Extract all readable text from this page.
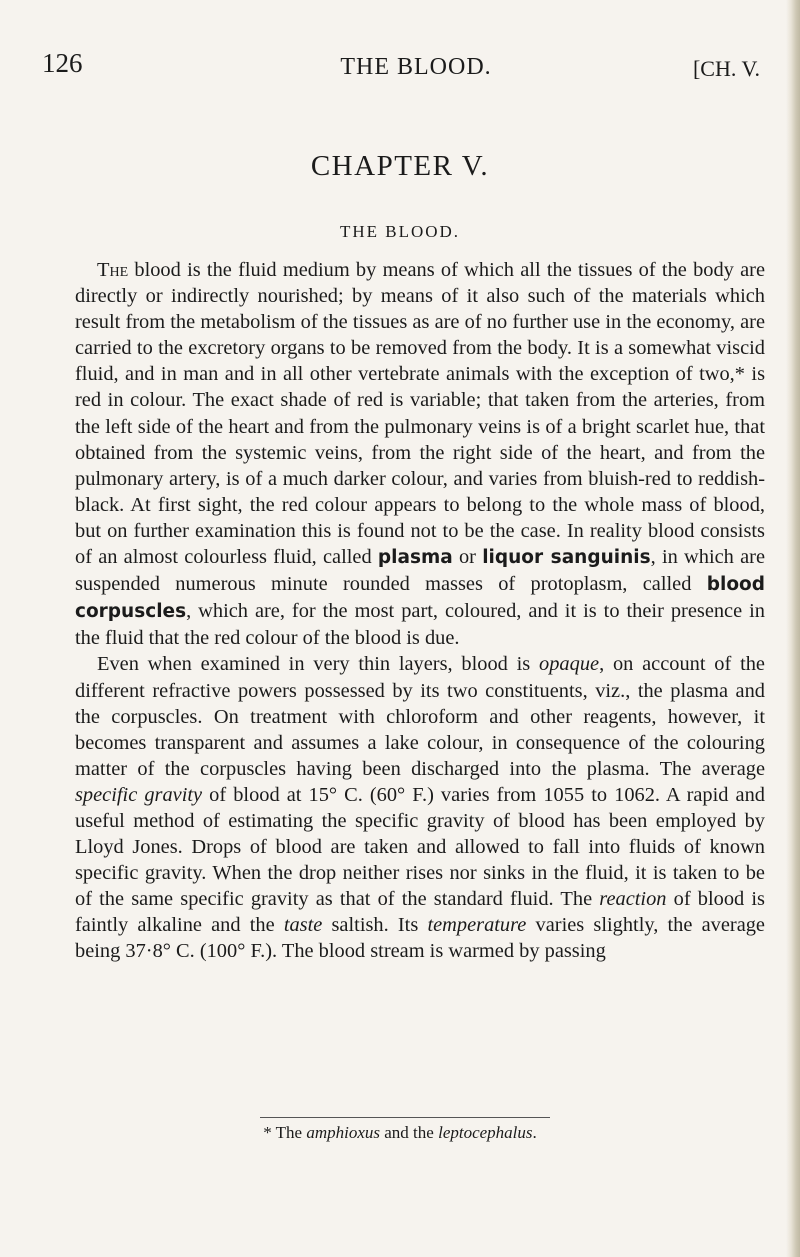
126	THE BLOOD.	[CH. V.
CHAPTER V.
THE BLOOD.

The blood is the fluid medium by means of which all the tissues of the body are directly or indirectly nourished; by means of it also such of the materials which result from the metabolism of the tissues as are of no further use in the economy, are carried to the excretory organs to be removed from the body. It is a somewhat viscid fluid, and in man and in all other vertebrate animals with the exception of two,* is red in colour. The exact shade of red is variable; that taken from the arteries, from the left side of the heart and from the pulmonary veins is of a bright scarlet hue, that obtained from the systemic veins, from the right side of the heart, and from the pulmonary artery, is of a much darker colour, and varies from bluish-red to reddish-black. At first sight, the red colour appears to belong to the whole mass of blood, but on further examination this is found not to be the case. In reality blood consists of an almost colourless fluid, called plasma or liquor sanguinis, in which are suspended numerous minute rounded masses of protoplasm, called blood corpuscles, which are, for the most part, coloured, and it is to their presence in the fluid that the red colour of the blood is due.

Even when examined in very thin layers, blood is opaque, on account of the different refractive powers possessed by its two constituents, viz., the plasma and the corpuscles. On treatment with chloroform and other reagents, however, it becomes transparent and assumes a lake colour, in consequence of the colouring matter of the corpuscles having been discharged into the plasma. The average specific gravity of blood at 15° C. (60° F.) varies from 1055 to 1062. A rapid and useful method of estimating the specific gravity of blood has been employed by Lloyd Jones. Drops of blood are taken and allowed to fall into fluids of known specific gravity. When the drop neither rises nor sinks in the fluid, it is taken to be of the same specific gravity as that of the standard fluid. The reaction of blood is faintly alkaline and the taste saltish. Its temperature varies slightly, the average being 37·8° C. (100° F.). The blood stream is warmed by passing

* The amphioxus and the leptocephalus.
